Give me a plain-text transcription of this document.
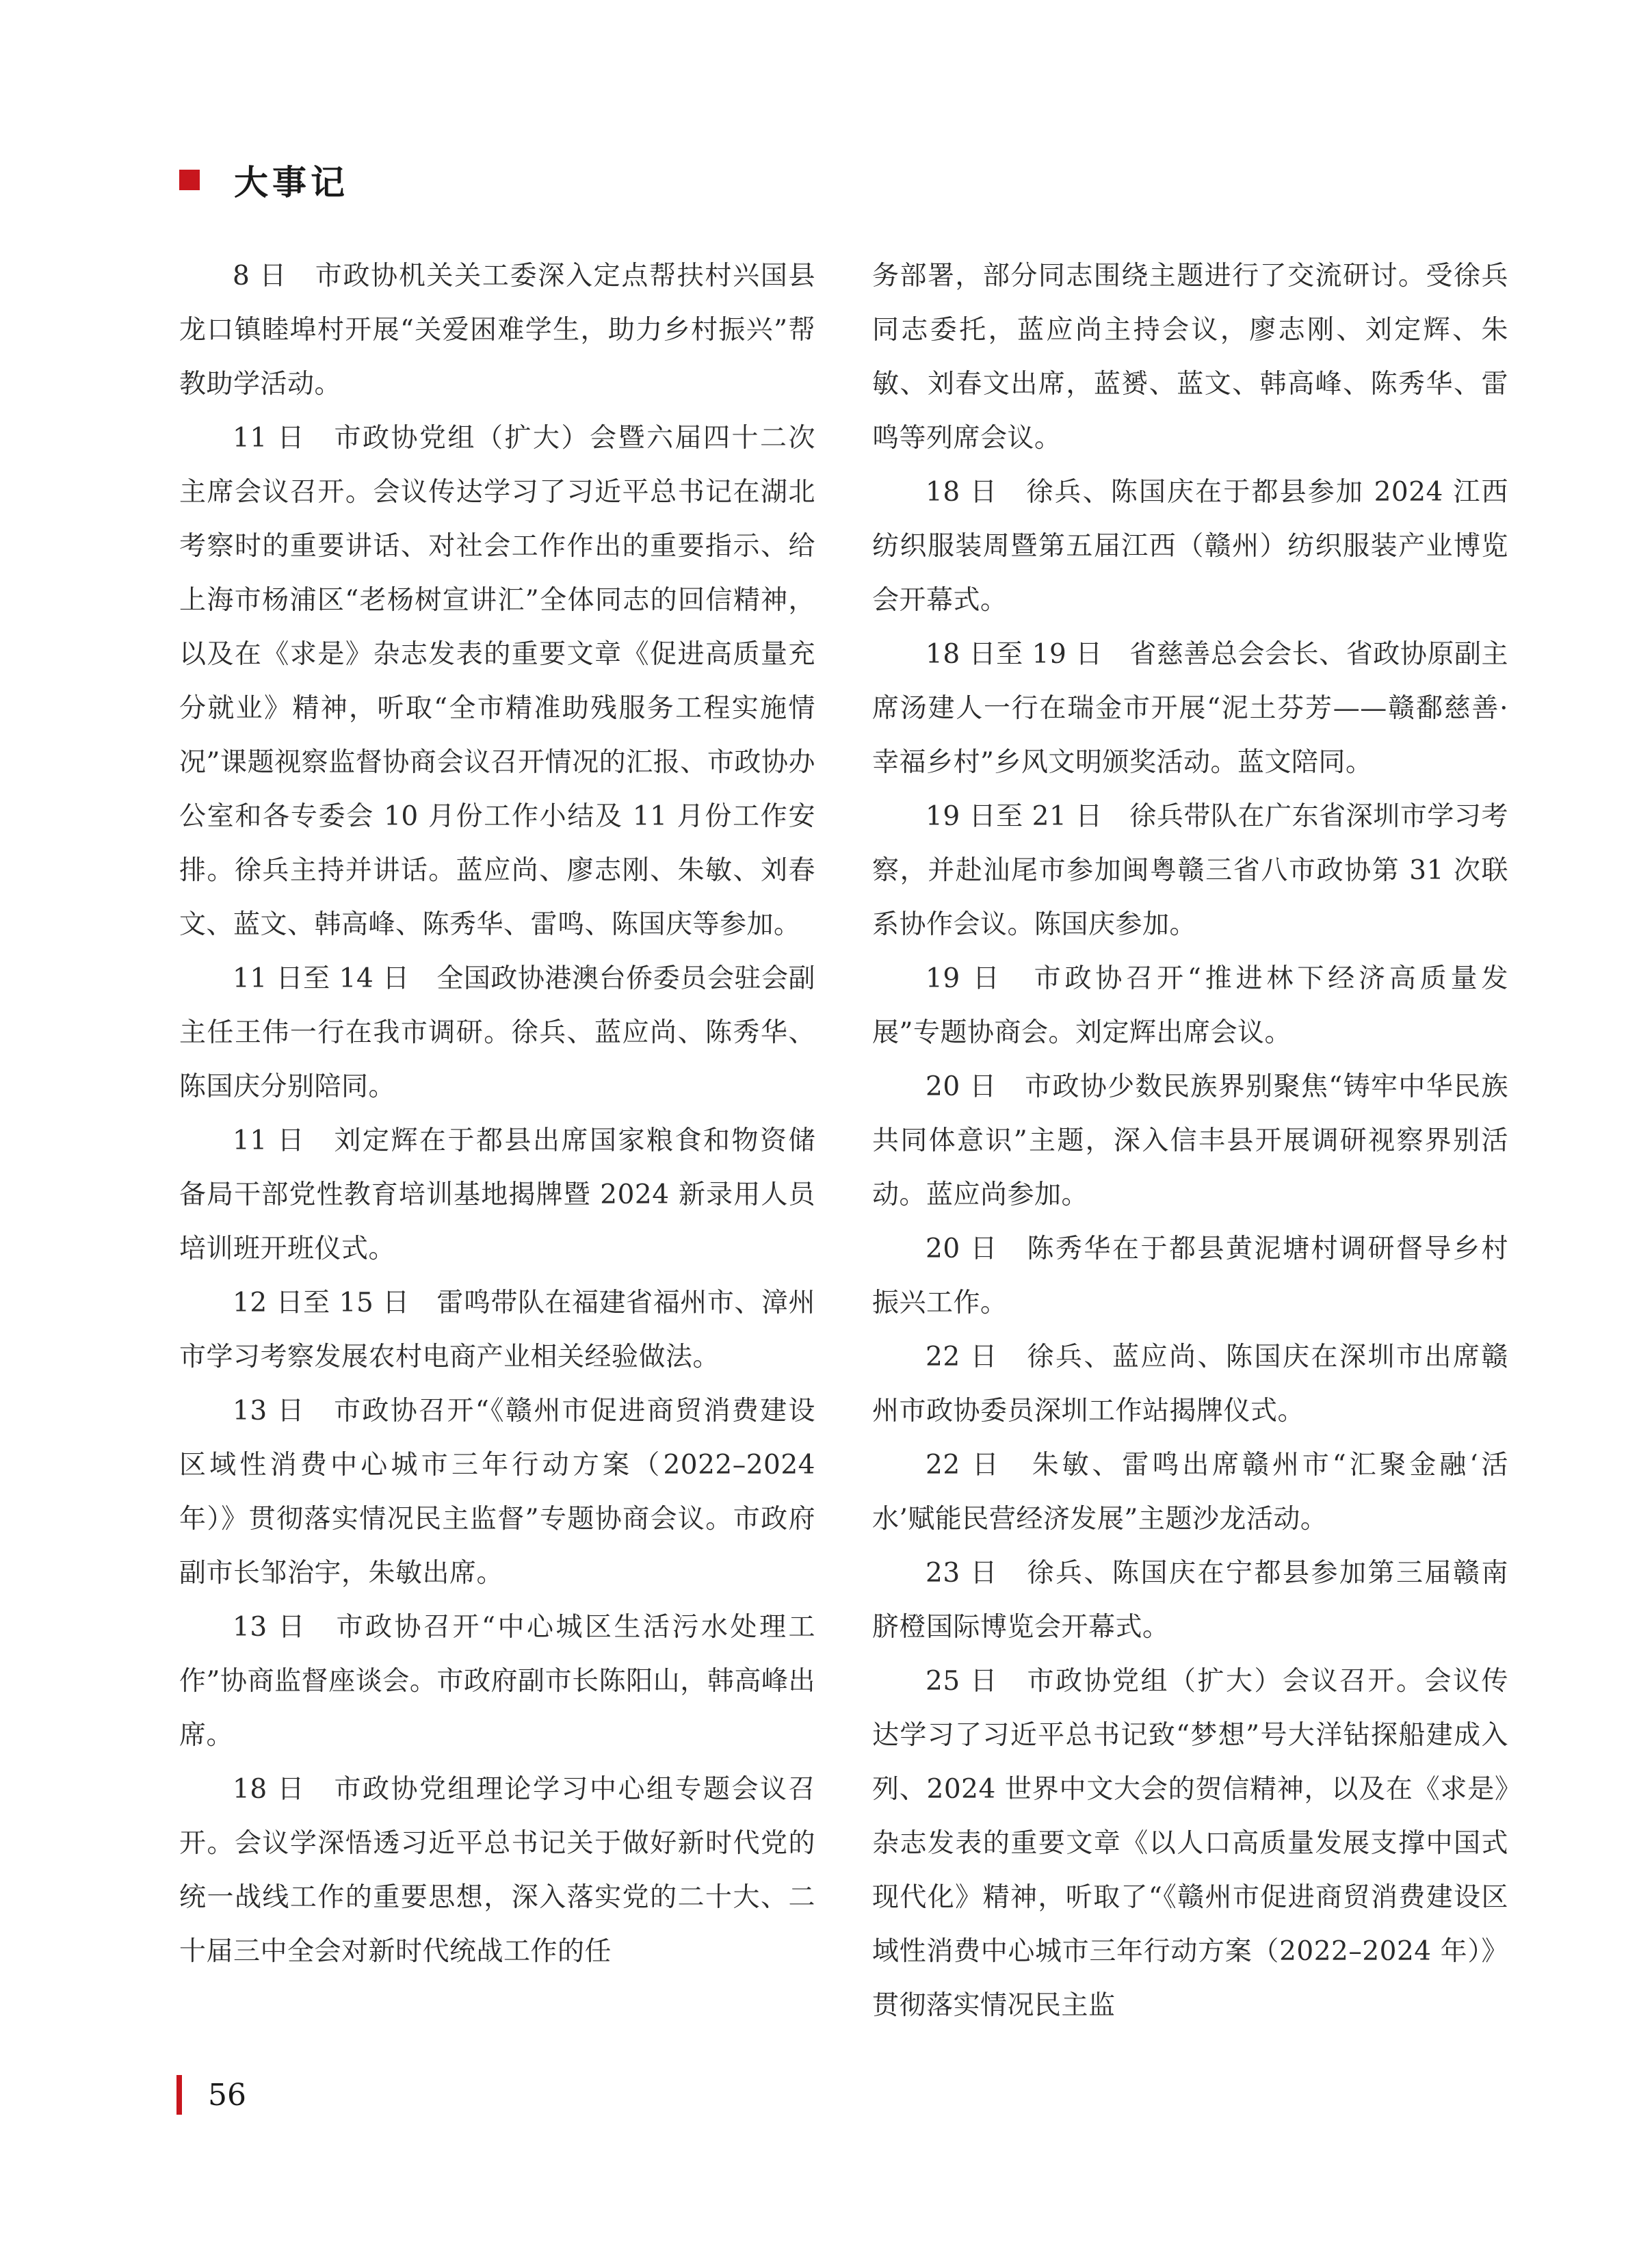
大事记

8 日　市政协机关关工委深入定点帮扶村兴国县龙口镇睦埠村开展“关爱困难学生，助力乡村振兴”帮教助学活动。

11 日　市政协党组（扩大）会暨六届四十二次主席会议召开。会议传达学习了习近平总书记在湖北考察时的重要讲话、对社会工作作出的重要指示、给上海市杨浦区“老杨树宣讲汇”全体同志的回信精神，以及在《求是》杂志发表的重要文章《促进高质量充分就业》精神，听取“全市精准助残服务工程实施情况”课题视察监督协商会议召开情况的汇报、市政协办公室和各专委会 10 月份工作小结及 11 月份工作安排。徐兵主持并讲话。蓝应尚、廖志刚、朱敏、刘春文、蓝文、韩高峰、陈秀华、雷鸣、陈国庆等参加。

11 日至 14 日　全国政协港澳台侨委员会驻会副主任王伟一行在我市调研。徐兵、蓝应尚、陈秀华、陈国庆分别陪同。

11 日　刘定辉在于都县出席国家粮食和物资储备局干部党性教育培训基地揭牌暨 2024 新录用人员培训班开班仪式。

12 日至 15 日　雷鸣带队在福建省福州市、漳州市学习考察发展农村电商产业相关经验做法。

13 日　市政协召开“《赣州市促进商贸消费建设区域性消费中心城市三年行动方案（2022–2024 年）》贯彻落实情况民主监督”专题协商会议。市政府副市长邹治宇，朱敏出席。

13 日　市政协召开“中心城区生活污水处理工作”协商监督座谈会。市政府副市长陈阳山，韩高峰出席。

18 日　市政协党组理论学习中心组专题会议召开。会议学深悟透习近平总书记关于做好新时代党的统一战线工作的重要思想，深入落实党的二十大、二十届三中全会对新时代统战工作的任

务部署，部分同志围绕主题进行了交流研讨。受徐兵同志委托，蓝应尚主持会议，廖志刚、刘定辉、朱敏、刘春文出席，蓝赟、蓝文、韩高峰、陈秀华、雷鸣等列席会议。

18 日　徐兵、陈国庆在于都县参加 2024 江西纺织服装周暨第五届江西（赣州）纺织服装产业博览会开幕式。

18 日至 19 日　省慈善总会会长、省政协原副主席汤建人一行在瑞金市开展“泥土芬芳——赣鄱慈善·幸福乡村”乡风文明颁奖活动。蓝文陪同。

19 日至 21 日　徐兵带队在广东省深圳市学习考察，并赴汕尾市参加闽粤赣三省八市政协第 31 次联系协作会议。陈国庆参加。

19 日　市政协召开“推进林下经济高质量发展”专题协商会。刘定辉出席会议。

20 日　市政协少数民族界别聚焦“铸牢中华民族共同体意识”主题，深入信丰县开展调研视察界别活动。蓝应尚参加。

20 日　陈秀华在于都县黄泥塘村调研督导乡村振兴工作。

22 日　徐兵、蓝应尚、陈国庆在深圳市出席赣州市政协委员深圳工作站揭牌仪式。

22 日　朱敏、雷鸣出席赣州市“汇聚金融‘活水’赋能民营经济发展”主题沙龙活动。

23 日　徐兵、陈国庆在宁都县参加第三届赣南脐橙国际博览会开幕式。

25 日　市政协党组（扩大）会议召开。会议传达学习了习近平总书记致“梦想”号大洋钻探船建成入列、2024 世界中文大会的贺信精神，以及在《求是》杂志发表的重要文章《以人口高质量发展支撑中国式现代化》精神，听取了“《赣州市促进商贸消费建设区域性消费中心城市三年行动方案（2022–2024 年）》贯彻落实情况民主监

56
